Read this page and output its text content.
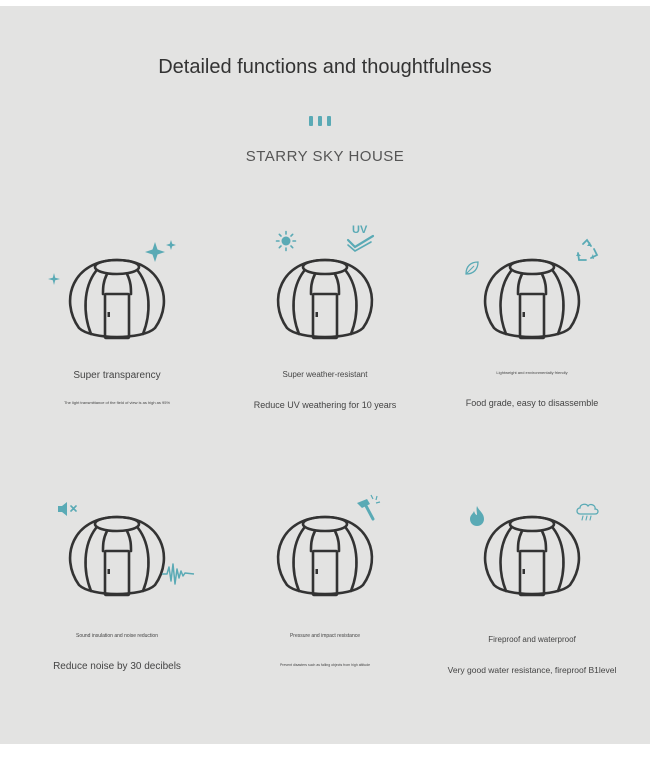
Detailed functions and thoughtfulness
STARRY SKY HOUSE
Super transparency
The light transmittance of the field of view is as high as 95%
UV
Super weather-resistant
Reduce UV weathering for 10 years
Lightweight and environmentally friendly
Food grade, easy to disassemble
Sound insulation and noise reduction
Reduce noise by 30 decibels
Pressure and impact resistance
Prevent disasters such as falling objects from high altitude
Fireproof and waterproof
Very good water resistance, fireproof B1level
